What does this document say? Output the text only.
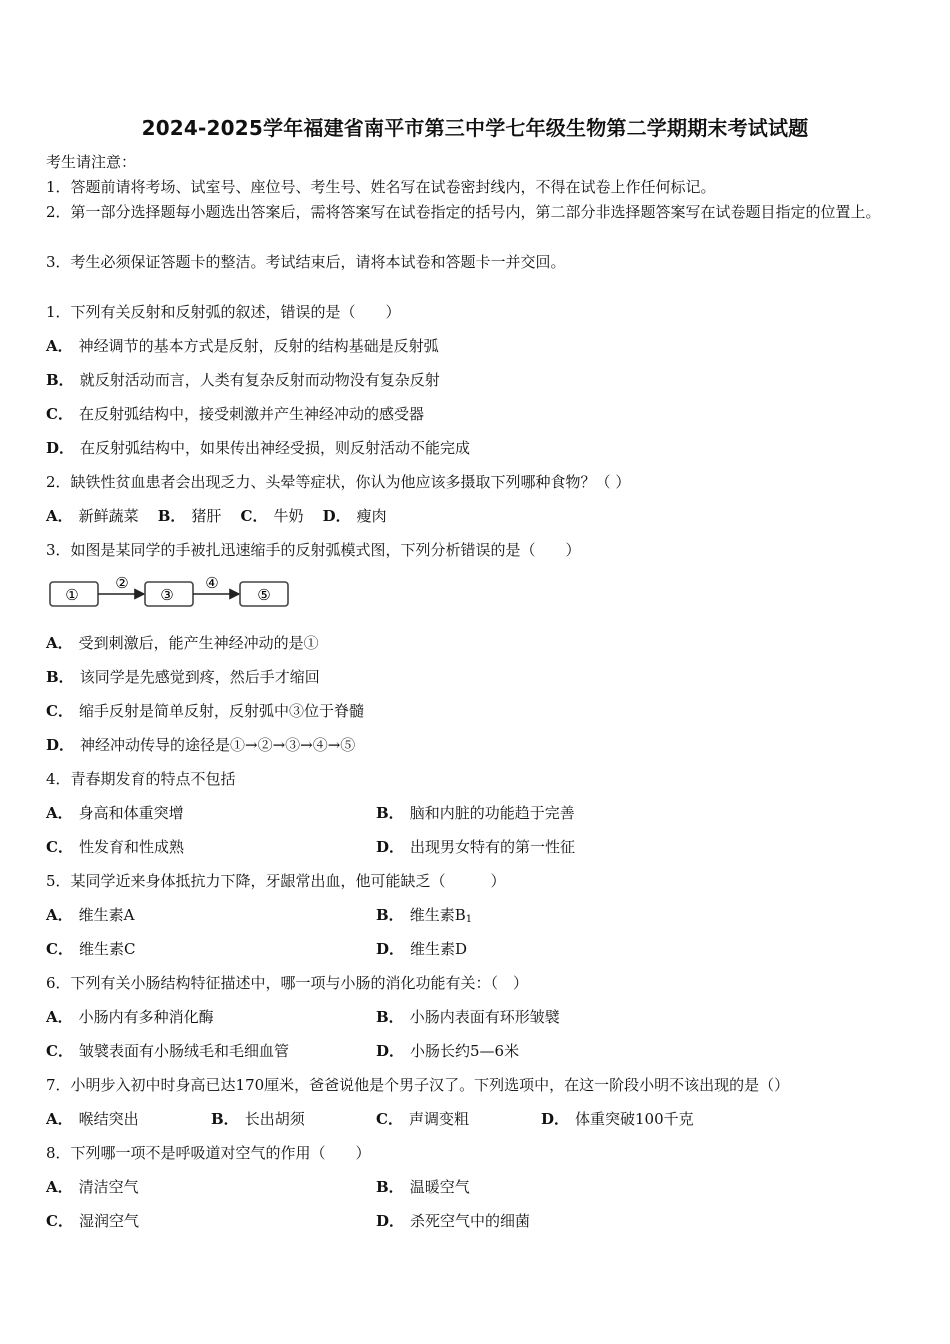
2024-2025学年福建省南平市第三中学七年级生物第二学期期末考试试题
考生请注意：
1．答题前请将考场、试室号、座位号、考生号、姓名写在试卷密封线内，不得在试卷上作任何标记。
2．第一部分选择题每小题选出答案后，需将答案写在试卷指定的括号内，第二部分非选择题答案写在试卷题目指定的位置上。
3．考生必须保证答题卡的整洁。考试结束后，请将本试卷和答题卡一并交回。
1．下列有关反射和反射弧的叙述，错误的是（　　）
A． 神经调节的基本方式是反射，反射的结构基础是反射弧
B． 就反射活动而言，人类有复杂反射而动物没有复杂反射
C． 在反射弧结构中，接受刺激并产生神经冲动的感受器
D． 在反射弧结构中，如果传出神经受损，则反射活动不能完成
2．缺铁性贫血患者会出现乏力、头晕等症状，你认为他应该多摄取下列哪种食物？（ ）
A． 新鲜蔬菜 B． 猪肝 C． 牛奶 D． 瘦肉
3．如图是某同学的手被扎迅速缩手的反射弧模式图，下列分析错误的是（　　）
①
②
③
④
⑤
A． 受到刺激后，能产生神经冲动的是①
B． 该同学是先感觉到疼，然后手才缩回
C． 缩手反射是简单反射，反射弧中③位于脊髓
D． 神经冲动传导的途径是①→②→③→④→⑤
4．青春期发育的特点不包括
A． 身高和体重突增	B． 脑和内脏的功能趋于完善
C． 性发育和性成熟	D． 出现男女特有的第一性征
5．某同学近来身体抵抗力下降，牙龈常出血，他可能缺乏（　　　）
A． 维生素A	B． 维生素$B_1$
C． 维生素C	D． 维生素D
6．下列有关小肠结构特征描述中，哪一项与小肠的消化功能有关：（　）
A． 小肠内有多种消化酶	B． 小肠内表面有环形皱襞
C． 皱襞表面有小肠绒毛和毛细血管	D． 小肠长约5—6米
7．小明步入初中时身高已达170厘米，爸爸说他是个男子汉了。下列选项中，在这一阶段小明不该出现的是（）
A． 喉结突出	B． 长出胡须	C． 声调变粗	D． 体重突破100千克
8．下列哪一项不是呼吸道对空气的作用（　　）
A． 清洁空气	B． 温暖空气
C． 湿润空气	D． 杀死空气中的细菌
